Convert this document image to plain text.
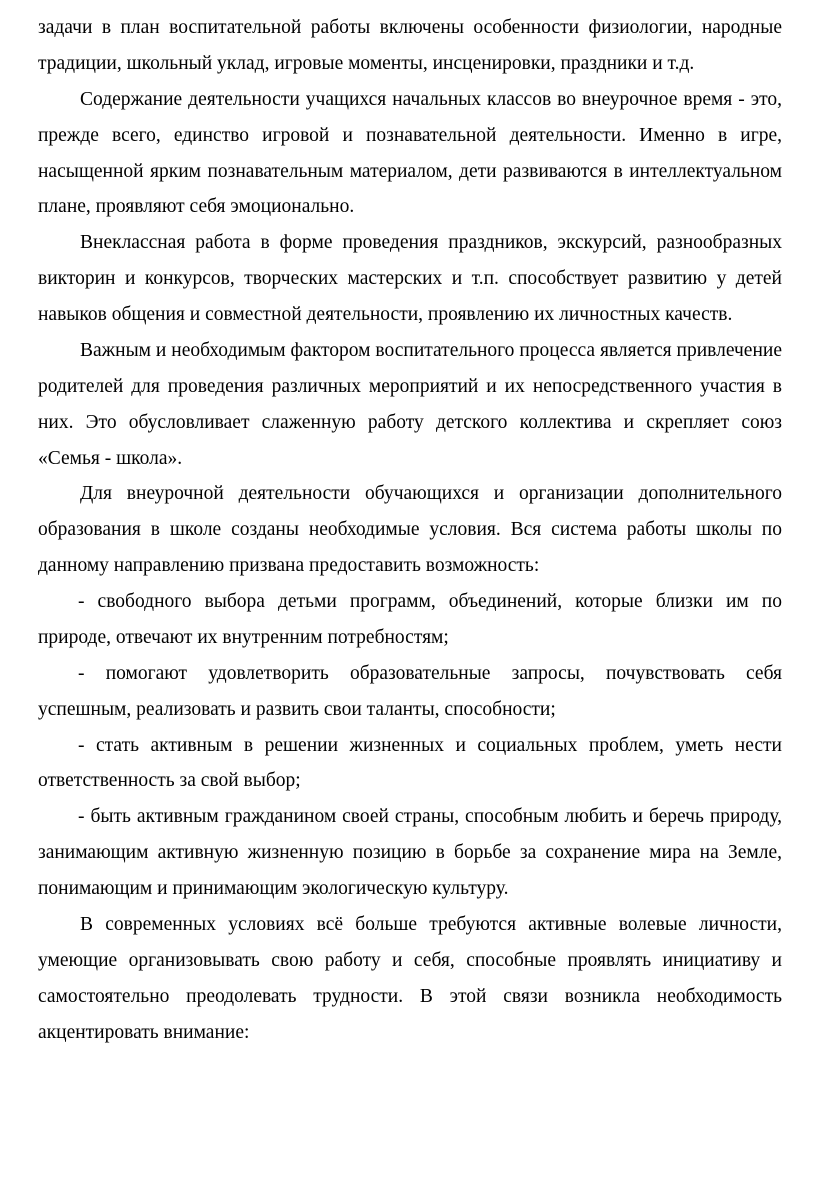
задачи в план воспитательной работы включены особенности физиологии, народные традиции, школьный уклад, игровые моменты, инсценировки, праздники и т.д.

Содержание деятельности учащихся начальных классов во внеурочное время - это, прежде всего, единство игровой и познавательной деятельности. Именно в игре, насыщенной ярким познавательным материалом, дети развиваются в интеллектуальном плане, проявляют себя эмоционально.

Внеклассная работа в форме проведения праздников, экскурсий, разнообразных викторин и конкурсов, творческих мастерских и т.п. способствует развитию у детей навыков общения и совместной деятельности, проявлению их личностных качеств.

Важным и необходимым фактором воспитательного процесса является привлечение родителей для проведения различных мероприятий и их непосредственного участия в них. Это обусловливает слаженную работу детского коллектива и скрепляет союз «Семья - школа».

Для внеурочной деятельности обучающихся и организации дополнительного образования в школе созданы необходимые условия. Вся система работы школы по данному направлению призвана предоставить возможность:

- свободного выбора детьми программ, объединений, которые близки им по природе, отвечают их внутренним потребностям;

- помогают удовлетворить образовательные запросы, почувствовать себя успешным, реализовать и развить свои таланты, способности;

- стать активным в решении жизненных и социальных проблем, уметь нести ответственность за свой выбор;

- быть активным гражданином своей страны, способным любить и беречь природу, занимающим активную жизненную позицию в борьбе за сохранение мира на Земле, понимающим и принимающим экологическую культуру.

В современных условиях всё больше требуются активные волевые личности, умеющие организовывать свою работу и себя, способные проявлять инициативу и самостоятельно преодолевать трудности. В этой связи возникла необходимость акцентировать внимание:
